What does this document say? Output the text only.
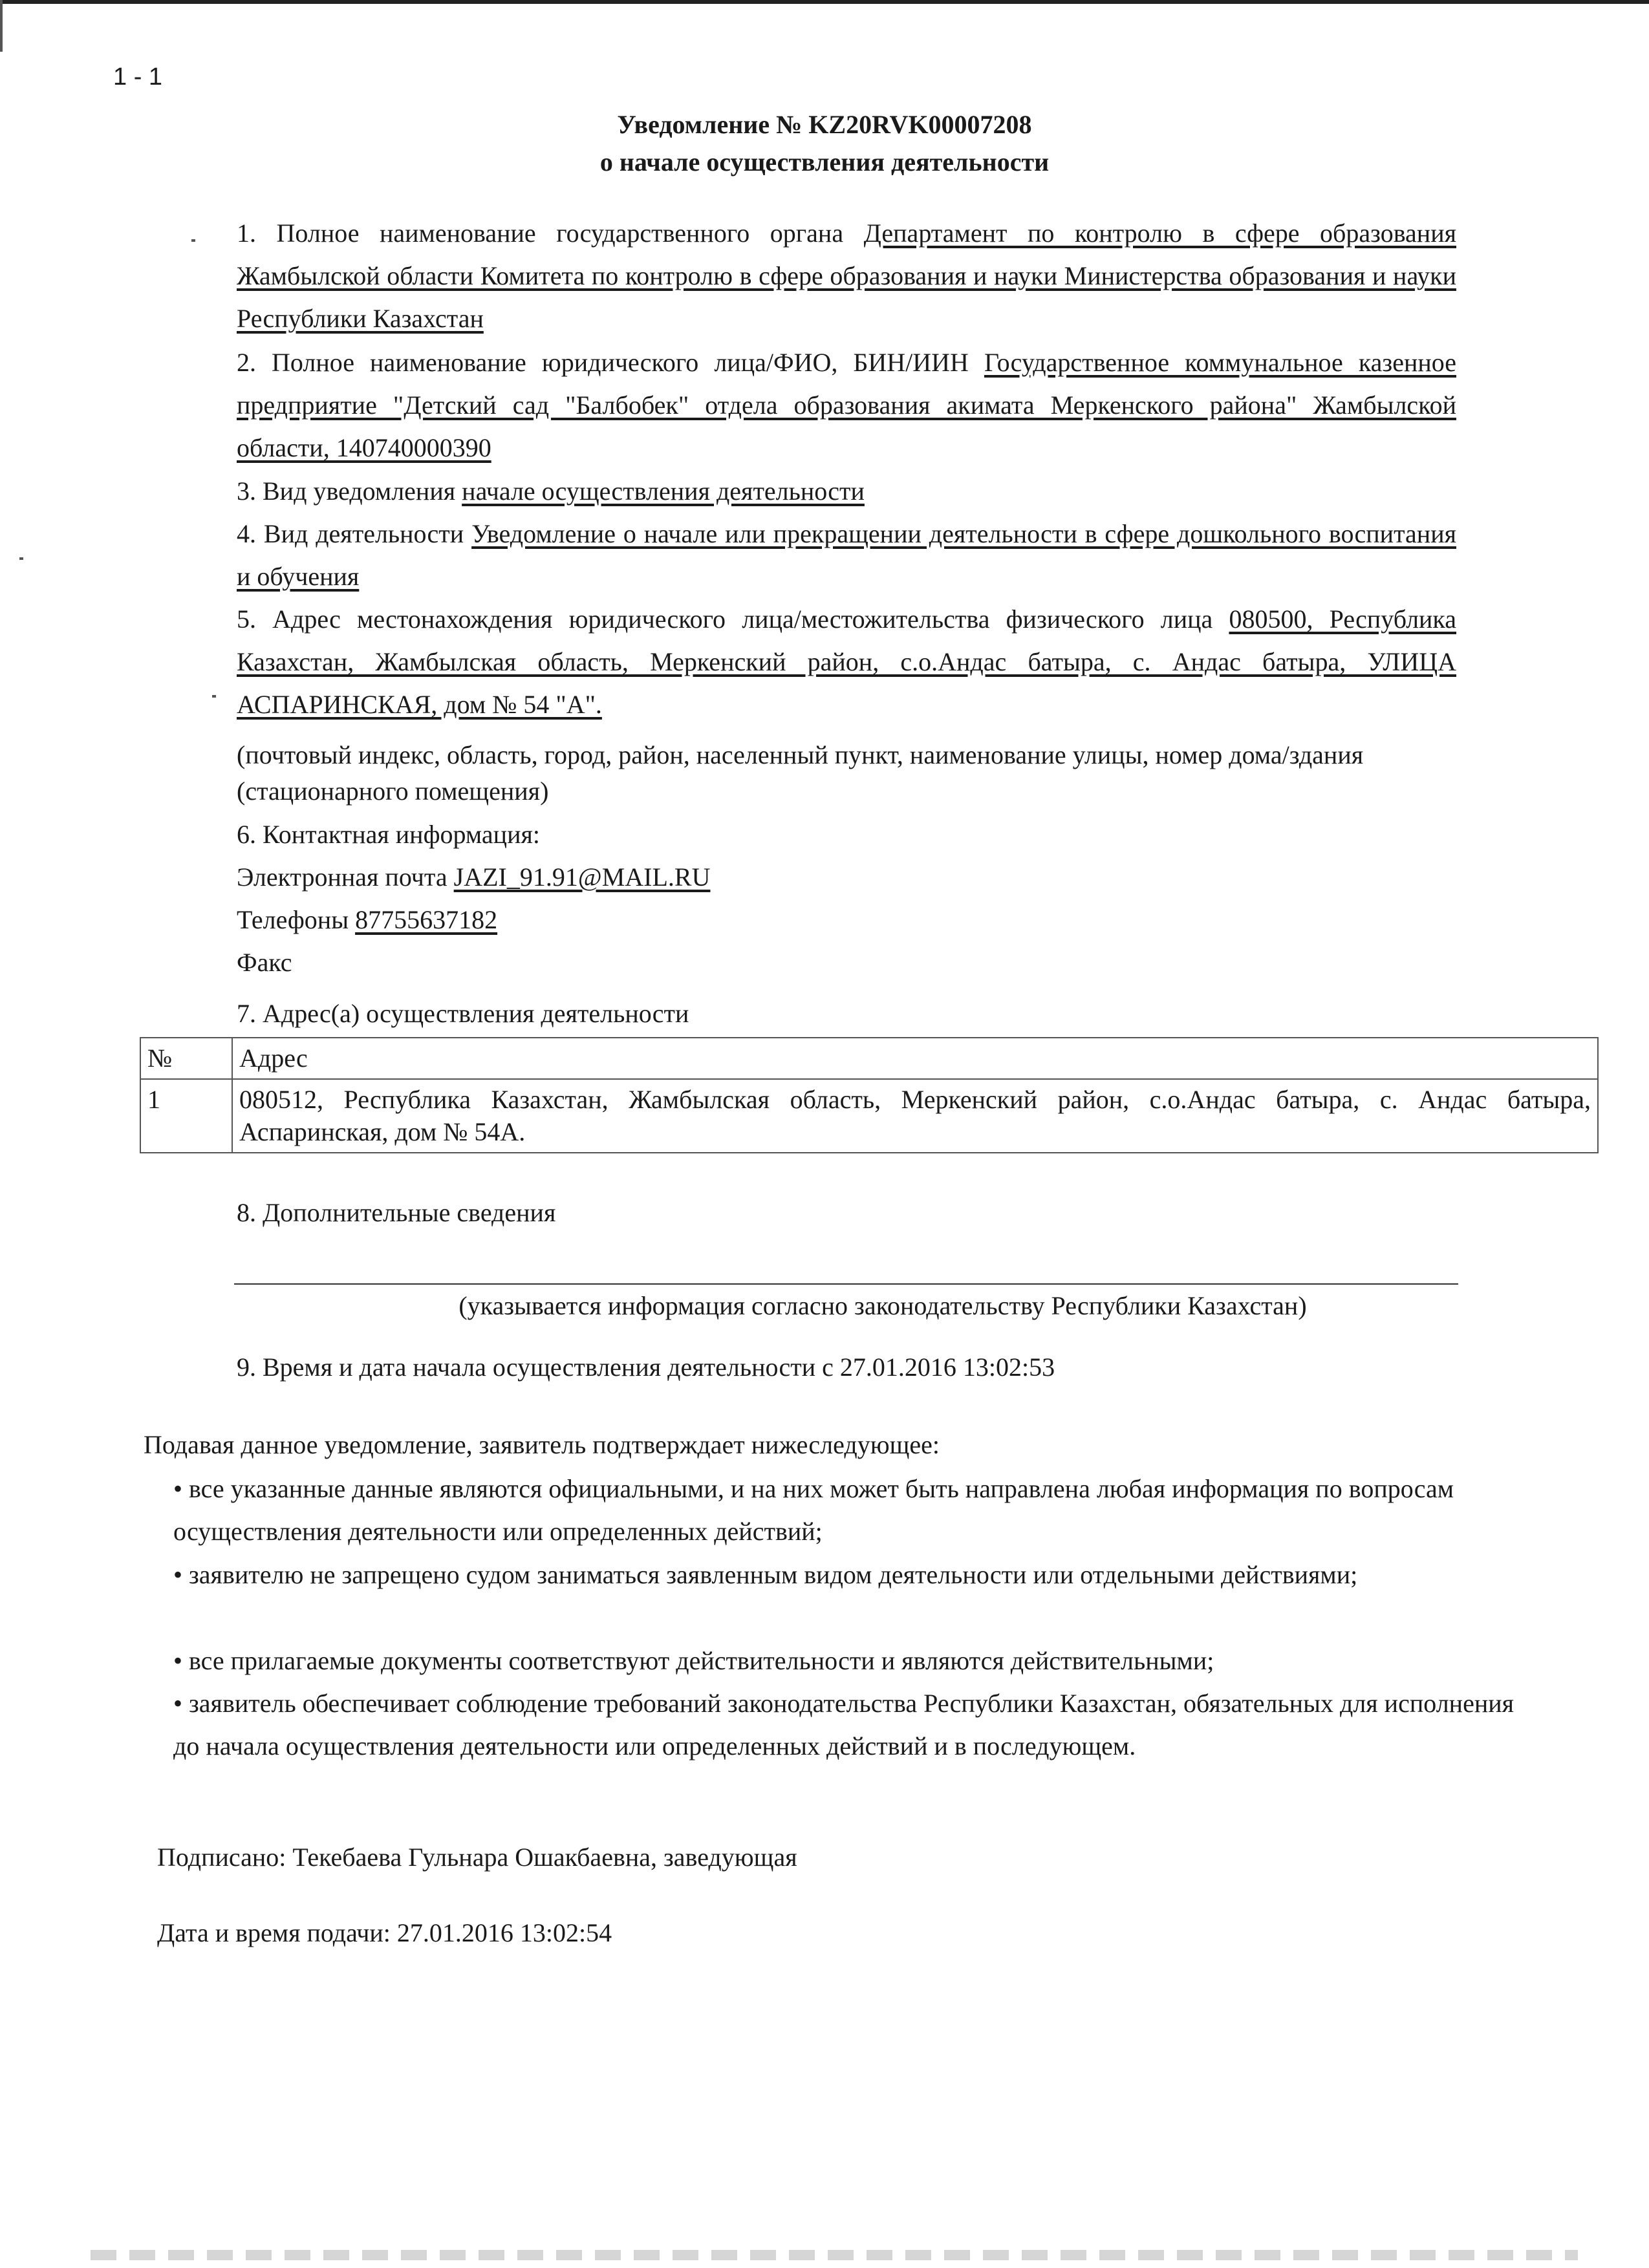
1 - 1
Уведомление № KZ20RVK00007208
о начале осуществления деятельности
1. Полное наименование государственного органа Департамент по контролю в сфере образования Жамбылской области Комитета по контролю в сфере образования и науки Министерства образования и науки Республики Казахстан
2. Полное наименование юридического лица/ФИО, БИН/ИИН Государственное коммунальное казенное предприятие "Детский сад "Балбобек" отдела образования акимата Меркенского района" Жамбылской области, 140740000390
3. Вид уведомления начале осуществления деятельности
4. Вид деятельности Уведомление о начале или прекращении деятельности в сфере дошкольного воспитания и обучения
5. Адрес местонахождения юридического лица/местожительства физического лица 080500, Республика Казахстан, Жамбылская область, Меркенский район, с.о.Андас батыра, с. Андас батыра, УЛИЦА АСПАРИНСКАЯ, дом № 54 "А".
(почтовый индекс, область, город, район, населенный пункт, наименование улицы, номер дома/здания (стационарного помещения)
6. Контактная информация:
Электронная почта JAZI_91.91@MAIL.RU
Телефоны 87755637182
Факс
7. Адрес(а) осуществления деятельности
№	Адрес
1	080512, Республика Казахстан, Жамбылская область, Меркенский район, с.о.Андас батыра, с. Андас батыра, Аспаринская, дом № 54А.
8. Дополнительные сведения
(указывается информация согласно законодательству Республики Казахстан)
9. Время и дата начала осуществления деятельности с 27.01.2016 13:02:53
Подавая данное уведомление, заявитель подтверждает нижеследующее:
• все указанные данные являются официальными, и на них может быть направлена любая информация по вопросам осуществления деятельности или определенных действий;
• заявителю не запрещено судом заниматься заявленным видом деятельности или отдельными действиями;
• все прилагаемые документы соответствуют действительности и являются действительными;
• заявитель обеспечивает соблюдение требований законодательства Республики Казахстан, обязательных для исполнения до начала осуществления деятельности или определенных действий и в последующем.
Подписано: Текебаева Гульнара Ошакбаевна, заведующая
Дата и время подачи: 27.01.2016 13:02:54
